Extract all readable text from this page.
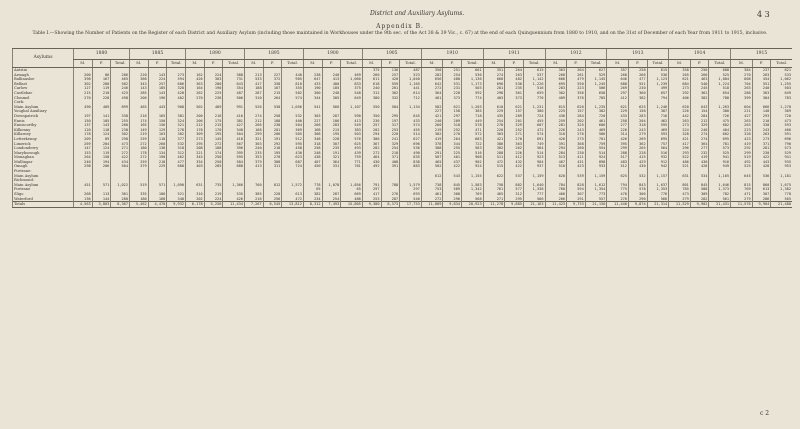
District and Auxiliary Asylums.	4 3
Appendix B.
Table I.—Showing the Number of Patients on the Register of each District and Auxiliary Asylum (including those maintained in Workhouses under the 9th sec. of the Act 38 & 39 Vic., c. 67) at the end of each Quinquennium from 1880 to 1910, and on the 31st of December of each Year from 1911 to 1915, inclusive.
Asylums	1880			1885			1890			1895			1900			1905			1910			1911			1912			1913			1914			1915		
	M.	F.	Total.	M.	F.	Total.	M.	F.	Total.	M.	F.	Total.	M.	F.	Total.	M.	F.	Total.	M.	F.	Total.	M.	F.	Total.	M.	F.	Total.	M.	F.	Total.	M.	F.	Total.	M.	F.	Total.
Antrim																375	136	487	350	251	601	351	264	615	363	264	627	357	258	615	358	250	608	384	237	621
Armagh	200	86	286	220	143	273	162	224	388	213	227	440	238	240	469	266	257	523	282	254	536	274	263	537	268	261	529	268	266	536	265	260	525	270	263	533
Ballinasloe	398	167	465	368	224	594	426	303	731	533	372	905	647	413	1,060	611	420	1,040	656	480	1,136	660	482	1,142	666	479	1,145	646	477	1,123	621	463	1,084	608	454	1,062
Belfast	302	280	582	343	257	606	363	280	643	417	338	810	433	400	833	618	559	1,165	642	531	1,173	696	530	1,226	695	550	1,245	688	551	1,239	684	540	1,224	704	551	1,255
Carlow	127	119	246	143	185	328	164	190	354	188	167	355	190	185	375	240	201	441	272	231	503	281	235	516	283	223	506	269	230	499	273	245	518	263	240	503
Castlebar	215	210	425	285	143	428	262	225	487	287	215	502	300	248	548	312	302	614	364	228	592	298	361	659	302	356	658	297	360	657	292	362	654	286	363	649
Clonmel	270	228	498	206	196	402	270	236	506	310	264	574	344	305	649	380	332	712	401	373	774	403	373	776	409	376	785	412	382	794	406	382	788	399	384	783
Cork:																																				
Main Asylum	490	409	899	465	443	908	502	489	991	526	530	1,056	541	566	1,107	550	584	1,134	582	621	1,203	610	621	1,231	615	620	1,235	621	625	1,246	620	643	1,263	604	666	1,270
Youghal Auxiliary																			227	158	385	229	157	386	225	157	382	229	158	387	226	154	380	221	148	369
Downpatrick	197	141	338	216	165	381	200	216	416	274	258	532	303	287	590	350	295	645	421	297	718	435	289	724	436	284	720	433	283	716	442	284	726	427	293	720
Ennis	150	105	255	174	150	324	206	175	381	212	188	400	227	186	413	236	197	433	240	209	449	254	201	455	259	202	461	258	204	462	263	212	475	263	210	473
Enniscorthy	137	143	280	165	156	321	212	215	427	266	238	504	266	283	549	257	317	574	260	318	578	278	329	607	281	325	606	277	318	595	273	329	602	263	330	593
Kilkenny	120	118	238	149	129	278	178	170	348	168	201	369	168	215	383	202	253	455	219	252	471	220	252	472	226	243	469	226	243	469	224	240	464	223	243	466
Killarney	178	124	302	219	163	382	309	195	504	299	206	505	308	195	503	294	220	514	302	270	572	303	271	574	310	276	586	314	279	593	328	274	602	328	263	591
Letterkenny	209	89	298	259	118	377	273	145	418	321	191	512	348	228	576	386	241	627	419	264	683	421	270	691	426	275	701	426	269	695	421	274	695	423	273	696
Limerick	269	204	473	272	260	532	295	272	567	303	292	595	318	307	625	367	329	696	378	344	722	386	363	749	391	368	759	395	362	757	417	364	781	419	371	790
Londonderry	147	124	271	180	138	318	208	188	396	240	218	458	258	235	493	282	254	536	308	255	563	302	262	564	294	260	554	299	265	564	296	277	573	292	281	573
Maryborough	153	119	272	178	134	312	221	174	395	235	195	430	248	191	439	272	218	490	291	225	516	288	226	514	284	230	514	288	228	516	293	232	525	299	230	529
Monaghan	264	158	422	272	190	462	345	250	595	353	270	623	438	321	759	464	371	835	507	401	908	511	412	923	513	411	924	517	415	932	522	419	941	519	422	941
Mullingar	240	194	434	259	218	477	334	250	584	379	308	687	407	364	771	430	408	838	465	437	902	472	432	904	467	431	898	483	429	912	486	430	916	492	443	935
Omagh	298	206	504	379	229	608	403	285	688	413	311	724	450	331	781	492	391	883	502	422	924	515	422	937	510	423	933	512	430	942	521	428	949	525	428	953
Portrane:																																				
Main Asylum																			612	543	1,155	622	537	1,159	620	539	1,159	625	532	1,157	631	534	1,165	645	536	1,181
Richmond:																																				
Main Asylum	451	571	1,022	519	571	1,090	631	735	1,366	760	812	1,572	778	1,078	1,856	791	788	1,579	738	845	1,583	758	882	1,640	784	828	1,612	794	843	1,637	801	845	1,646	815	860	1,675
Portrane													65		65	297		297	753	589	1,342	761	577	1,338	760	594	1,354	775	578	1,353	785	588	1,373	769	613	1,382
Sligo	268	113	381	335	186	521	316	219	535	385	228	613	382	287	669	417	276	693	461	308	769	465	312	777	466	307	773	470	306	776	473	309	782	471	307	778
Waterford	136	144	280	180	168	348	202	224	426	216	256	472	234	254	488	253	287	540	272	296	568	271	295	566	266	291	557	276	290	566	279	282	561	279	286	565
Totals	4,563	3,803	8,367	5,462	4,470	9,932	6,178	5,256	11,434	7,267	6,545	13,812	8,312	7,493	15,805	9,380	8,373	17,753	11,089	9,834	20,923	11,278	9,885	21,163	11,423	9,733	21,156	11,440	9,874	21,314	11,529	9,902	21,431	11,576	9,904	21,480
c 2
